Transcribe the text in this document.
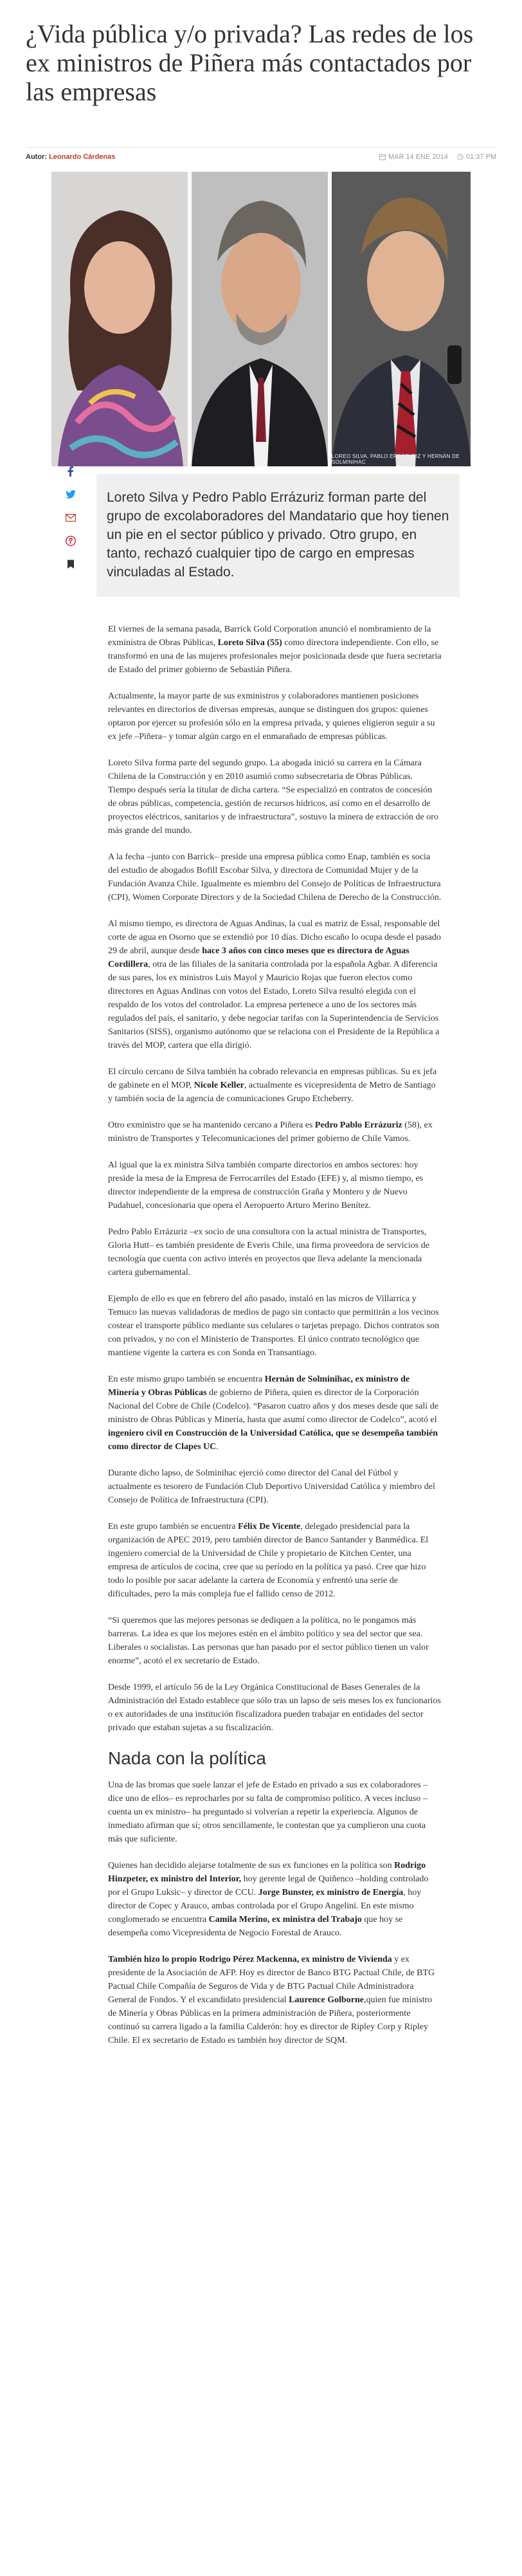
¿Vida pública y/o privada? Las redes de los ex ministros de Piñera más contactados por las empresas
Autor: Leonardo Cárdenas	MAR 14 ENE 2014	01:37 PM
LOREO SILVA, PABLO ERRÁZURIZ Y HERNÁN DE SOLMINIHAC
Loreto Silva y Pedro Pablo Errázuriz forman parte del grupo de excolaboradores del Mandatario que hoy tienen un pie en el sector público y privado. Otro grupo, en tanto, rechazó cualquier tipo de cargo en empresas vinculadas al Estado.

El viernes de la semana pasada, Barrick Gold Corporation anunció el nombramiento de la exministra de Obras Públicas, Loreto Silva (55) como directora independiente. Con ello, se transformó en una de las mujeres profesionales mejor posicionada desde que fuera secretaria de Estado del primer gobierno de Sebastián Piñera.

Actualmente, la mayor parte de sus exministros y colaboradores mantienen posiciones relevantes en directorios de diversas empresas, aunque se distinguen dos grupos: quienes optaron por ejercer su profesión sólo en la empresa privada, y quienes eligieron seguir a su ex jefe –Piñera– y tomar algún cargo en el enmarañado de empresas públicas.

Loreto Silva forma parte del segundo grupo. La abogada inició su carrera en la Cámara Chilena de la Construcción y en 2010 asumió como subsecretaria de Obras Públicas. Tiempo después sería la titular de dicha cartera. “Se especializó en contratos de concesión de obras públicas, competencia, gestión de recursos hídricos, así como en el desarrollo de proyectos eléctricos, sanitarios y de infraestructura”, sostuvo la minera de extracción de oro más grande del mundo.

A la fecha –junto con Barrick– preside una empresa pública como Enap, también es socia del estudio de abogados Bofill Escobar Silva, y directora de Comunidad Mujer y de la Fundación Avanza Chile. Igualmente es miembro del Consejo de Políticas de Infraestructura (CPI), Women Corporate Directors y de la Sociedad Chilena de Derecho de la Construcción.

Al mismo tiempo, es directora de Aguas Andinas, la cual es matriz de Essal, responsable del corte de agua en Osorno que se extendió por 10 días. Dicho escaño lo ocupa desde el pasado 29 de abril, aunque desde hace 3 años con cinco meses que es directora de Aguas Cordillera, otra de las filiales de la sanitaria controlada por la española Agbar. A diferencia de sus pares, los ex ministros Luis Mayol y Mauricio Rojas que fueron electos como directores en Aguas Andinas con votos del Estado, Loreto Silva resultó elegida con el respaldo de los votos del controlador. La empresa pertenece a uno de los sectores más regulados del país, el sanitario, y debe negociar tarifas con la Superintendencia de Servicios Sanitarios (SISS), organismo autónomo que se relaciona con el Presidente de la República a través del MOP, cartera que ella dirigió.

El círculo cercano de Silva también ha cobrado relevancia en empresas públicas. Su ex jefa de gabinete en el MOP, Nicole Keller, actualmente es vicepresidenta de Metro de Santiago y también socia de la agencia de comunicaciones Grupo Etcheberry.

Otro exministro que se ha mantenido cercano a Piñera es Pedro Pablo Errázuriz (58), ex ministro de Transportes y Telecomunicaciones del primer gobierno de Chile Vamos.

Al igual que la ex ministra Silva también comparte directorios en ambos sectores: hoy preside la mesa de la Empresa de Ferrocarriles del Estado (EFE) y, al mismo tiempo, es director independiente de la empresa de construcción Graña y Montero y de Nuevo Pudahuel, concesionaria que opera el Aeropuerto Arturo Merino Benítez.

Pedro Pablo Errázuriz –ex socio de una consultora con la actual ministra de Transportes, Gloria Hutt– es también presidente de Everis Chile, una firma proveedora de servicios de tecnología que cuenta con activo interés en proyectos que lleva adelante la mencionada cartera gubernamental.

Ejemplo de ello es que en febrero del año pasado, instaló en las micros de Villarrica y Temuco las nuevas validadoras de medios de pago sin contacto que permitirán a los vecinos costear el transporte público mediante sus celulares o tarjetas prepago. Dichos contratos son con privados, y no con el Ministerio de Transportes. El único contrato tecnológico que mantiene vigente la cartera es con Sonda en Transantiago.

En este mismo grupo también se encuentra Hernán de Solminihac, ex ministro de Minería y Obras Públicas de gobierno de Piñera, quien es director de la Corporación Nacional del Cobre de Chile (Codelco). “Pasaron cuatro años y dos meses desde que salí de ministro de Obras Públicas y Minería, hasta que asumí como director de Codelco”, acotó el ingeniero civil en Construcción de la Universidad Católica, que se desempeña también como director de Clapes UC.

Durante dicho lapso, de Solminihac ejerció como director del Canal del Fútbol y actualmente es tesorero de Fundación Club Deportivo Universidad Católica y miembro del Consejo de Política de Infraestructura (CPI).

En este grupo también se encuentra Félix De Vicente, delegado presidencial para la organización de APEC 2019, pero también director de Banco Santander y Banmédica. El ingeniero comercial de la Universidad de Chile y propietario de Kitchen Center, una empresa de artículos de cocina, cree que su período en la política ya pasó. Cree que hizo todo lo posible por sacar adelante la cartera de Economía y enfrentó una serie de dificultades, pero la más compleja fue el fallido censo de 2012.

“Si queremos que las mejores personas se dediquen a la política, no le pongamos más barreras. La idea es que los mejores estén en el ámbito político y sea del sector que sea. Liberales o socialistas. Las personas que han pasado por el sector público tienen un valor enorme”, acotó el ex secretario de Estado.

Desde 1999, el artículo 56 de la Ley Orgánica Constitucional de Bases Generales de la Administración del Estado establece que sólo tras un lapso de seis meses los ex funcionarios o ex autoridades de una institución fiscalizadora pueden trabajar en entidades del sector privado que estaban sujetas a su fiscalización.

Nada con la política

Una de las bromas que suele lanzar el jefe de Estado en privado a sus ex colaboradores –dice uno de ellos– es reprocharles por su falta de compromiso político. A veces incluso –cuenta un ex ministro– ha preguntado si volverían a repetir la experiencia. Algunos de inmediato afirman que sí; otros sencillamente, le contestan que ya cumplieron una cuota más que suficiente.

Quienes han decidido alejarse totalmente de sus ex funciones en la política son Rodrigo Hinzpeter, ex ministro del Interior, hoy gerente legal de Quiñenco –holding controlado por el Grupo Luksic– y director de CCU. Jorge Bunster, ex ministro de Energía, hoy director de Copec y Arauco, ambas controlada por el Grupo Angelini. En este mismo conglomerado se encuentra Camila Merino, ex ministra del Trabajo que hoy se desempeña como Vicepresidenta de Negocio Forestal de Arauco.

También hizo lo propio Rodrigo Pérez Mackenna, ex ministro de Vivienda y ex presidente de la Asociación de AFP. Hoy es director de Banco BTG Pactual Chile, de BTG Pactual Chile Compañía de Seguros de Vida y de BTG Pactual Chile Administradora General de Fondos. Y el excandidato presidencial Laurence Golborne,quien fue ministro de Minería y Obras Públicas en la primera administración de Piñera, posteriormente continuó su carrera ligado a la familia Calderón: hoy es director de Ripley Corp y Ripley Chile. El ex secretario de Estado es también hoy director de SQM.
